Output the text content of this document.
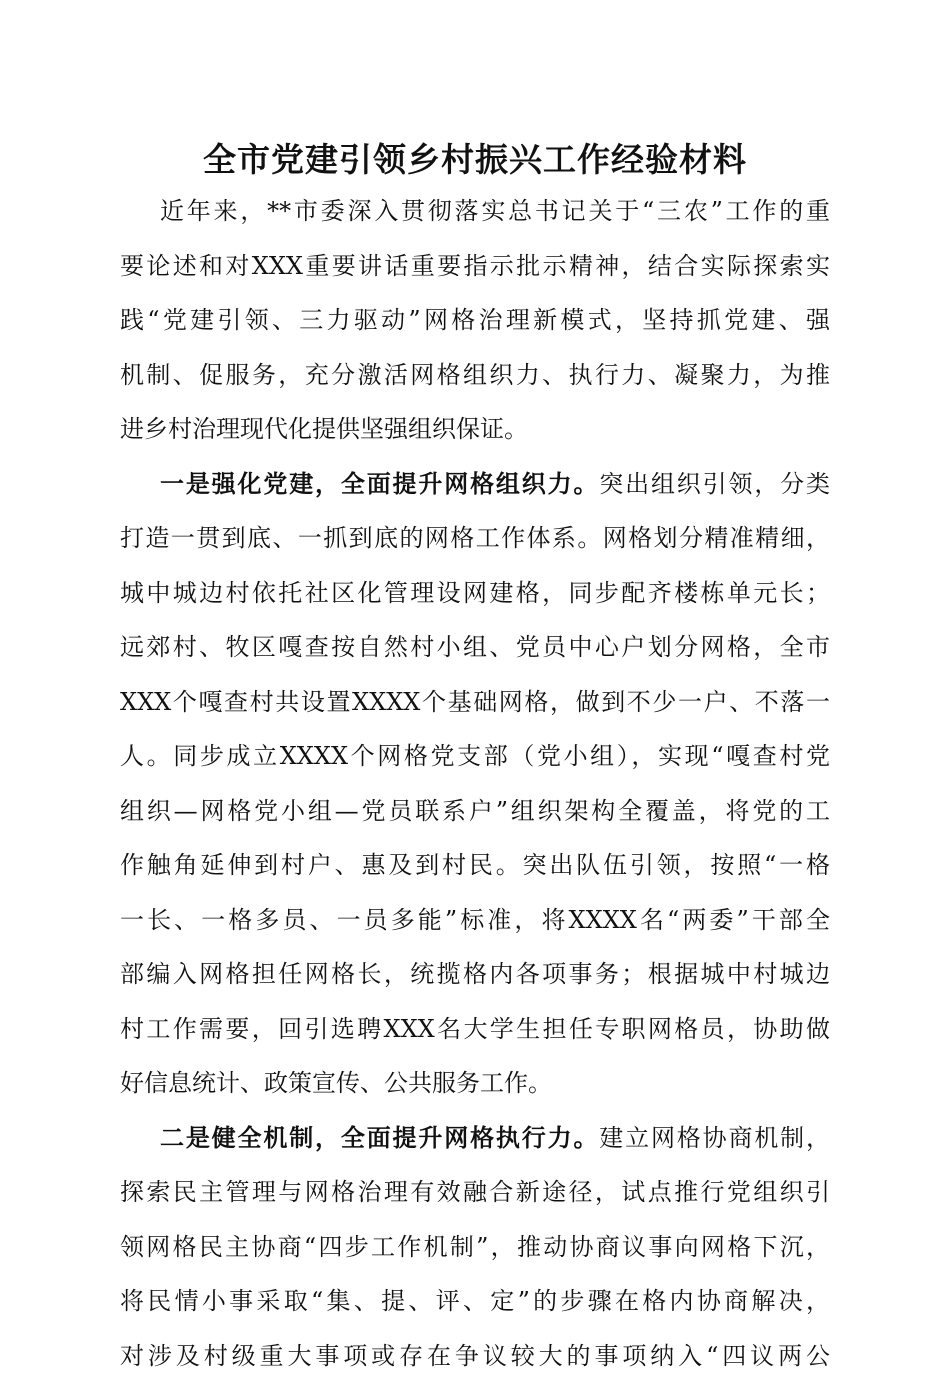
全市党建引领乡村振兴工作经验材料
近年来，**市委深入贯彻落实总书记关于“三农”工作的重
要论述和对XXX重要讲话重要指示批示精神，结合实际探索实
践“党建引领、三力驱动”网格治理新模式，坚持抓党建、强
机制、促服务，充分激活网格组织力、执行力、凝聚力，为推
进乡村治理现代化提供坚强组织保证。
一是强化党建，全面提升网格组织力。突出组织引领，分类
打造一贯到底、一抓到底的网格工作体系。网格划分精准精细，
城中城边村依托社区化管理设网建格，同步配齐楼栋单元长；
远郊村、牧区嘎查按自然村小组、党员中心户划分网格，全市
XXX个嘎查村共设置XXXX个基础网格，做到不少一户、不落一
人。同步成立XXXX个网格党支部（党小组），实现“嘎查村党
组织—网格党小组—党员联系户”组织架构全覆盖，将党的工
作触角延伸到村户、惠及到村民。突出队伍引领，按照“一格
一长、一格多员、一员多能”标准，将XXXX名“两委”干部全
部编入网格担任网格长，统揽格内各项事务；根据城中村城边
村工作需要，回引选聘XXX名大学生担任专职网格员，协助做
好信息统计、政策宣传、公共服务工作。
二是健全机制，全面提升网格执行力。建立网格协商机制，
探索民主管理与网格治理有效融合新途径，试点推行党组织引
领网格民主协商“四步工作机制”，推动协商议事向网格下沉，
将民情小事采取“集、提、评、定”的步骤在格内协商解决，
对涉及村级重大事项或存在争议较大的事项纳入“四议两公
